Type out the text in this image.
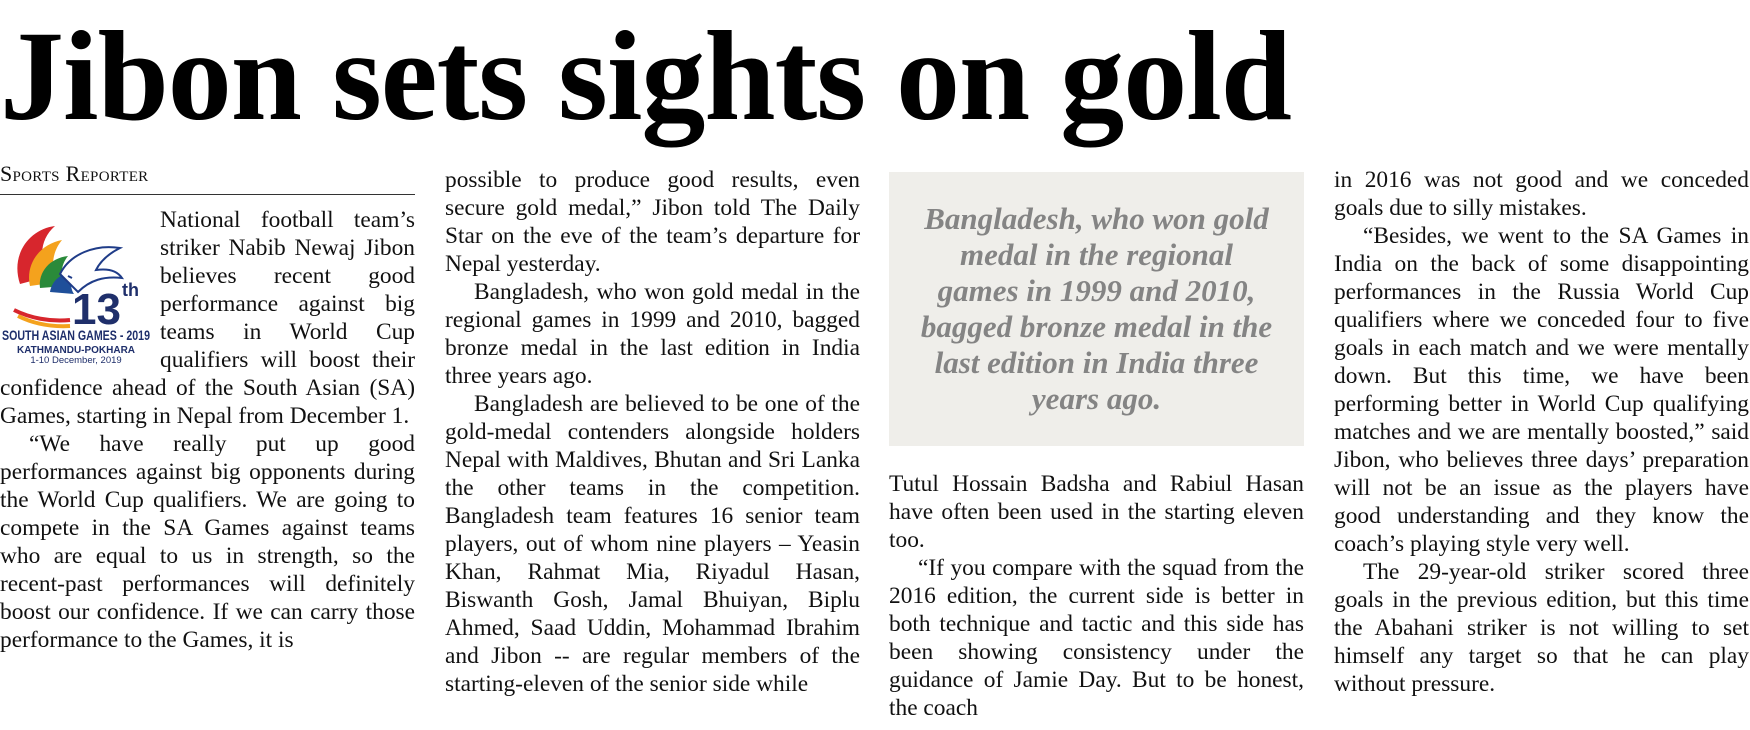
Jibon sets sights on gold
Sports Reporter
13 th
SOUTH ASIAN GAMES - 2019
KATHMANDU-POKHARA
1-10 December, 2019

National football team’s striker Nabib Newaj Jibon believes recent good performance against big teams in World Cup qualifiers will boost their confidence ahead of the South Asian (SA) Games, starting in Nepal from December 1.

“We have really put up good performances against big opponents during the World Cup qualifiers. We are going to compete in the SA Games against teams who are equal to us in strength, so the recent-past performances will definitely boost our confidence. If we can carry those performance to the Games, it is

possible to produce good results, even secure gold medal,” Jibon told The Daily Star on the eve of the team’s departure for Nepal yesterday.

Bangladesh, who won gold medal in the regional games in 1999 and 2010, bagged bronze medal in the last edition in India three years ago.

Bangladesh are believed to be one of the gold-medal contenders alongside holders Nepal with Maldives, Bhutan and Sri Lanka the other teams in the competition. Bangladesh team features 16 senior team players, out of whom nine players – Yeasin Khan, Rahmat Mia, Riyadul Hasan, Biswanth Gosh, Jamal Bhuiyan, Biplu Ahmed, Saad Uddin, Mohammad Ibrahim and Jibon -- are regular members of the starting-eleven of the senior side while

Bangladesh, who won gold medal in the regional games in 1999 and 2010, bagged bronze medal in the last edition in India three years ago.

Tutul Hossain Badsha and Rabiul Hasan have often been used in the starting eleven too.

“If you compare with the squad from the 2016 edition, the current side is better in both technique and tactic and this side has been showing consistency under the guidance of Jamie Day. But to be honest, the coach

in 2016 was not good and we conceded goals due to silly mistakes.

“Besides, we went to the SA Games in India on the back of some disappointing performances in the Russia World Cup qualifiers where we conceded four to five goals in each match and we were mentally down. But this time, we have been performing better in World Cup qualifying matches and we are mentally boosted,” said Jibon, who believes three days’ preparation will not be an issue as the players have good understanding and they know the coach’s playing style very well.

The 29-year-old striker scored three goals in the previous edition, but this time the Abahani striker is not willing to set himself any target so that he can play without pressure.
